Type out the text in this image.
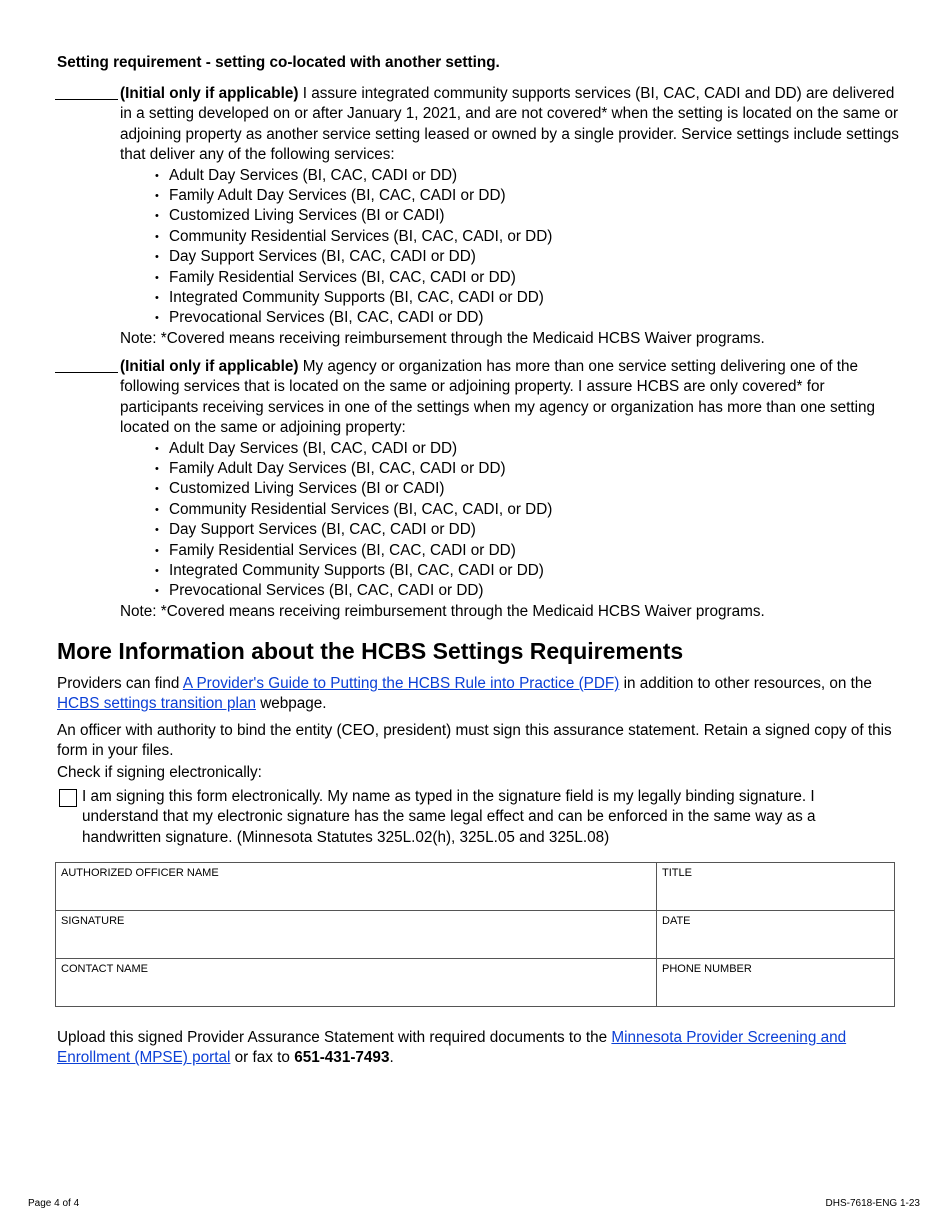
Setting requirement - setting co-located with another setting.
(Initial only if applicable) I assure integrated community supports services (BI, CAC, CADI and DD) are delivered in a setting developed on or after January 1, 2021, and are not covered* when the setting is located on the same or adjoining property as another service setting leased or owned by a single provider. Service settings include settings that deliver any of the following services:
• Adult Day Services (BI, CAC, CADI or DD)
• Family Adult Day Services (BI, CAC, CADI or DD)
• Customized Living Services (BI or CADI)
• Community Residential Services (BI, CAC, CADI, or DD)
• Day Support Services (BI, CAC, CADI or DD)
• Family Residential Services (BI, CAC, CADI or DD)
• Integrated Community Supports (BI, CAC, CADI or DD)
• Prevocational Services (BI, CAC, CADI or DD)
Note: *Covered means receiving reimbursement through the Medicaid HCBS Waiver programs.
(Initial only if applicable) My agency or organization has more than one service setting delivering one of the following services that is located on the same or adjoining property. I assure HCBS are only covered* for participants receiving services in one of the settings when my agency or organization has more than one setting located on the same or adjoining property:
• Adult Day Services (BI, CAC, CADI or DD)
• Family Adult Day Services (BI, CAC, CADI or DD)
• Customized Living Services (BI or CADI)
• Community Residential Services (BI, CAC, CADI, or DD)
• Day Support Services (BI, CAC, CADI or DD)
• Family Residential Services (BI, CAC, CADI or DD)
• Integrated Community Supports (BI, CAC, CADI or DD)
• Prevocational Services (BI, CAC, CADI or DD)
Note: *Covered means receiving reimbursement through the Medicaid HCBS Waiver programs.
More Information about the HCBS Settings Requirements

Providers can find A Provider's Guide to Putting the HCBS Rule into Practice (PDF) in addition to other resources, on the HCBS settings transition plan webpage.

An officer with authority to bind the entity (CEO, president) must sign this assurance statement. Retain a signed copy of this form in your files.

Check if signing electronically:

I am signing this form electronically. My name as typed in the signature field is my legally binding signature. I understand that my electronic signature has the same legal effect and can be enforced in the same way as a handwritten signature. (Minnesota Statutes 325L.02(h), 325L.05 and 325L.08)
AUTHORIZED OFFICER NAME	TITLE
SIGNATURE	DATE
CONTACT NAME	PHONE NUMBER
Upload this signed Provider Assurance Statement with required documents to the Minnesota Provider Screening and Enrollment (MPSE) portal or fax to 651-431-7493.
Page 4 of 4	DHS-7618-ENG 1-23
